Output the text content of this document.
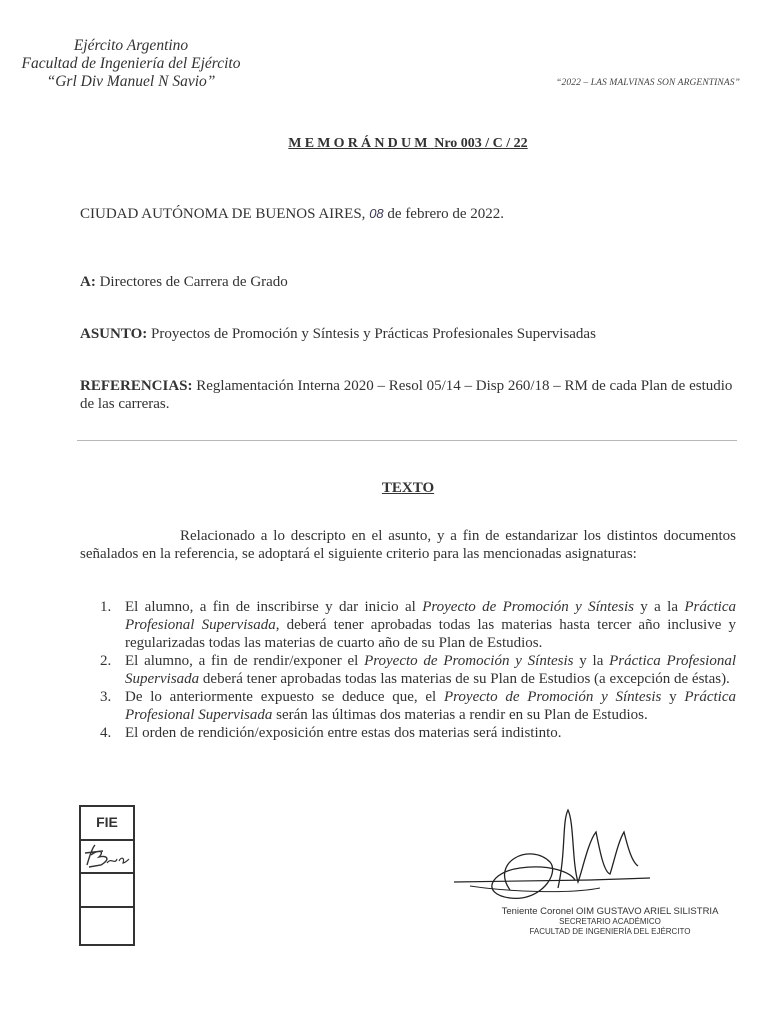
Ejército Argentino
Facultad de Ingeniería del Ejército
“Grl Div Manuel N Savio”	“2022 – LAS MALVINAS SON ARGENTINAS”
MEMORÁNDUM Nro 003 / C / 22
CIUDAD AUTÓNOMA DE BUENOS AIRES, 08 de febrero de 2022.
A: Directores de Carrera de Grado
ASUNTO: Proyectos de Promoción y Síntesis y Prácticas Profesionales Supervisadas
REFERENCIAS: Reglamentación Interna 2020 – Resol 05/14 – Disp 260/18 – RM de cada Plan de estudio de las carreras.
TEXTO
Relacionado a lo descripto en el asunto, y a fin de estandarizar los distintos documentos señalados en la referencia, se adoptará el siguiente criterio para las mencionadas asignaturas:
1. El alumno, a fin de inscribirse y dar inicio al Proyecto de Promoción y Síntesis y a la Práctica Profesional Supervisada, deberá tener aprobadas todas las materias hasta tercer año inclusive y regularizadas todas las materias de cuarto año de su Plan de Estudios.
2. El alumno, a fin de rendir/exponer el Proyecto de Promoción y Síntesis y la Práctica Profesional Supervisada deberá tener aprobadas todas las materias de su Plan de Estudios (a excepción de éstas).
3. De lo anteriormente expuesto se deduce que, el Proyecto de Promoción y Síntesis y Práctica Profesional Supervisada serán las últimas dos materias a rendir en su Plan de Estudios.
4. El orden de rendición/exposición entre estas dos materias será indistinto.
FIE
Teniente Coronel OIM GUSTAVO ARIEL SILISTRIA
SECRETARIO ACADÉMICO
FACULTAD DE INGENIERÍA DEL EJÉRCITO
